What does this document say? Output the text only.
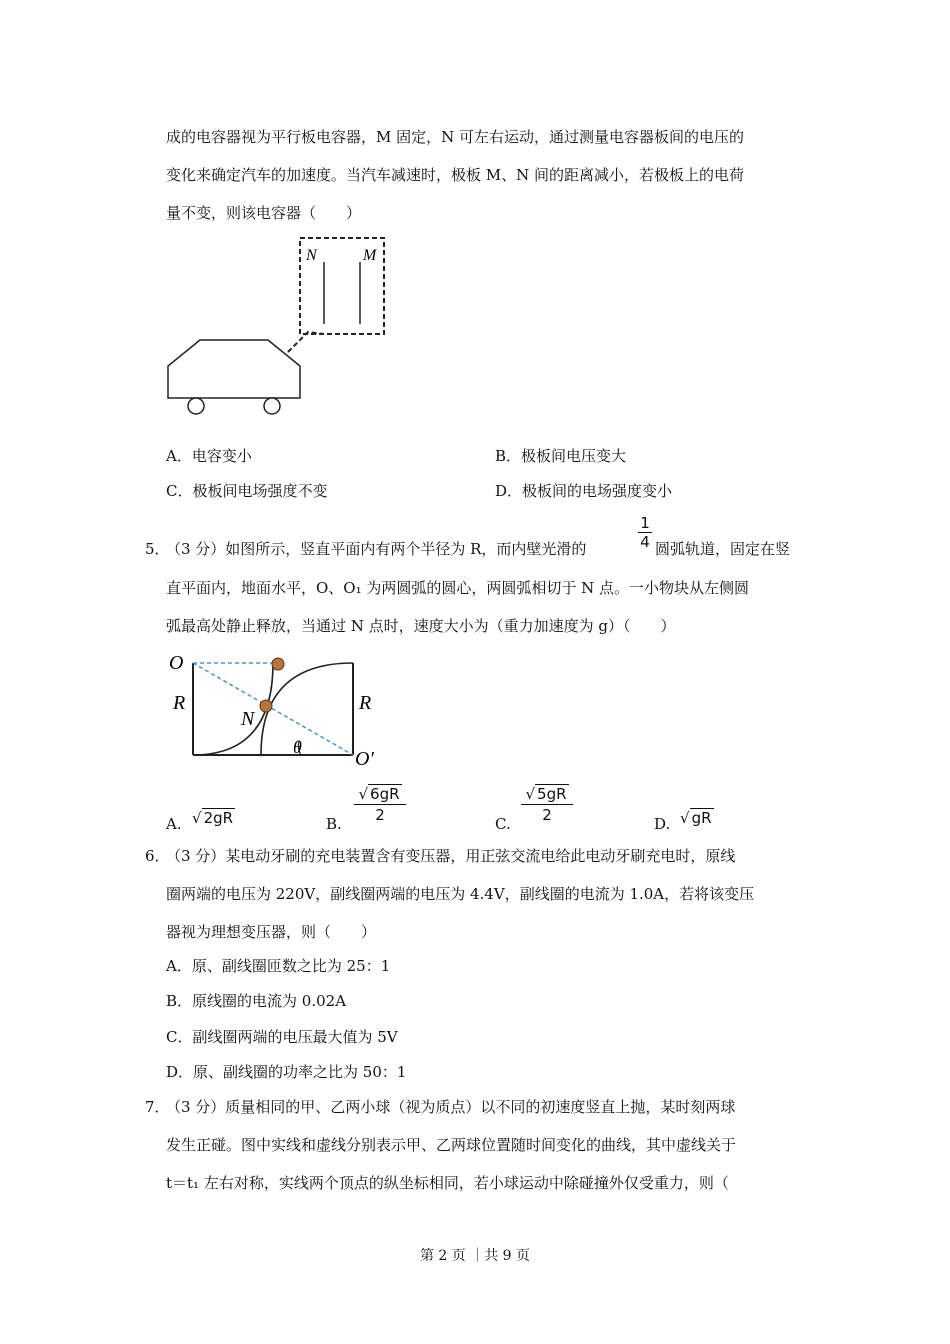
成的电容器视为平行板电容器，M 固定，N 可左右运动，通过测量电容器板间的电压的
变化来确定汽车的加速度。当汽车减速时，极板 M、N 间的距离减小，若极板上的电荷
量不变，则该电容器（　　）
N	M
A．电容变小	B．极板间电压变大
C．极板间电场强度不变	D．极板间的电场强度变小
5．
（3 分）如图所示，竖直平面内有两个半径为 R，而内壁光滑的	$\frac{1}{4}$ 圆弧轨道，固定在竖
直平面内，地面水平，O、O₁ 为两圆弧的圆心，两圆弧相切于 N 点。一小物块从左侧圆
弧最高处静止释放，当通过 N 点时，速度大小为（重力加速度为 g）（　　）
O
R
N
R
θ
O′
A. √ 2gR	B. $\frac{√ 6gR}{2}$	C. $\frac{√ 5gR}{2}$	D. √ gR
6．
（3 分）某电动牙刷的充电装置含有变压器，用正弦交流电给此电动牙刷充电时，原线
圈两端的电压为 220V，副线圈两端的电压为 4.4V，副线圈的电流为 1.0A，若将该变压
器视为理想变压器，则（　　）
A．原、副线圈匝数之比为 25：1
B．原线圈的电流为 0.02A
C．副线圈两端的电压最大值为 5V
D．原、副线圈的功率之比为 50：1
7．
（3 分）质量相同的甲、乙两小球（视为质点）以不同的初速度竖直上抛，某时刻两球
发生正碰。图中实线和虚线分别表示甲、乙两球位置随时间变化的曲线，其中虚线关于
t＝t₁ 左右对称，实线两个顶点的纵坐标相同，若小球运动中除碰撞外仅受重力，则（
第 2 页 ｜共 9 页
